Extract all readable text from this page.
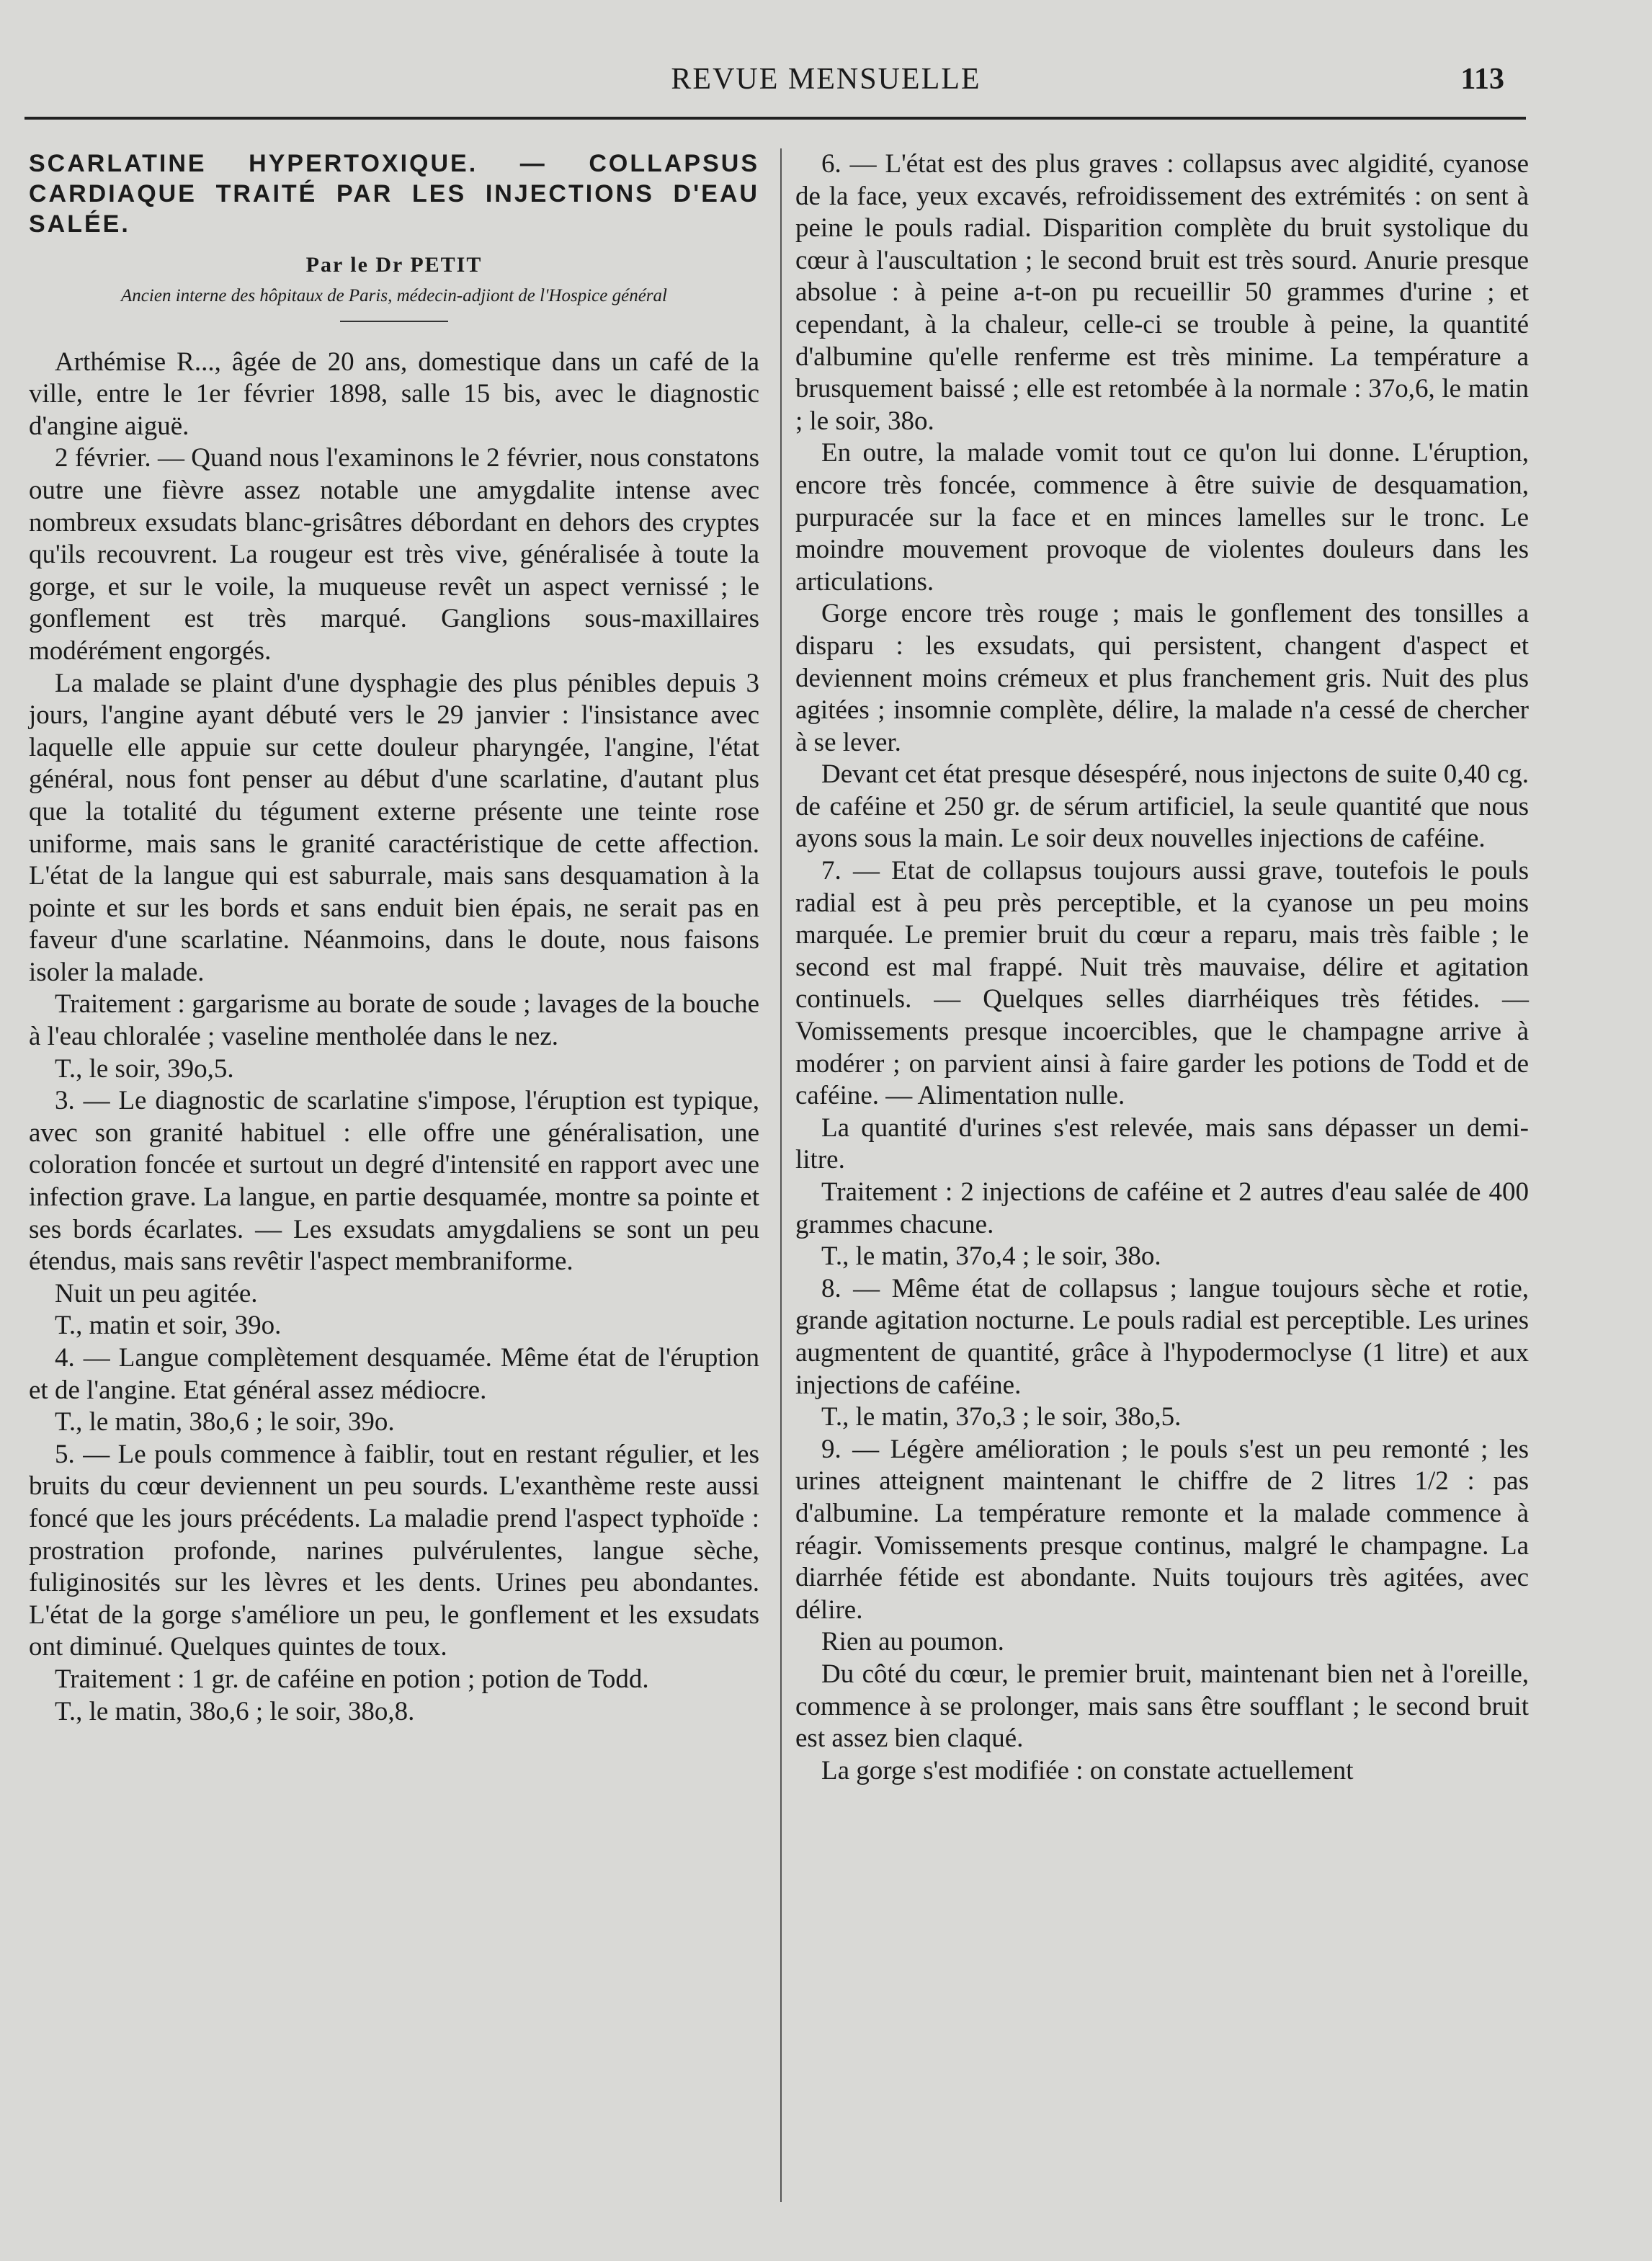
REVUE MENSUELLE	113
SCARLATINE HYPERTOXIQUE. — COLLAPSUS CARDIAQUE TRAITÉ PAR LES INJECTIONS D'EAU SALÉE.
Par le Dr PETIT
Ancien interne des hôpitaux de Paris, médecin-adjiont de l'Hospice général

Arthémise R..., âgée de 20 ans, domestique dans un café de la ville, entre le 1er février 1898, salle 15 bis, avec le diagnostic d'angine aiguë.

2 février. — Quand nous l'examinons le 2 février, nous constatons outre une fièvre assez notable une amygdalite intense avec nombreux exsudats blanc-grisâtres débordant en dehors des cryptes qu'ils recouvrent. La rougeur est très vive, généralisée à toute la gorge, et sur le voile, la muqueuse revêt un aspect vernissé ; le gonflement est très marqué. Ganglions sous-maxillaires modérément engorgés.

La malade se plaint d'une dysphagie des plus pénibles depuis 3 jours, l'angine ayant débuté vers le 29 janvier : l'insistance avec laquelle elle appuie sur cette douleur pharyngée, l'angine, l'état général, nous font penser au début d'une scarlatine, d'autant plus que la totalité du tégument externe présente une teinte rose uniforme, mais sans le granité caractéristique de cette affection. L'état de la langue qui est saburrale, mais sans desquamation à la pointe et sur les bords et sans enduit bien épais, ne serait pas en faveur d'une scarlatine. Néanmoins, dans le doute, nous faisons isoler la malade.

Traitement : gargarisme au borate de soude ; lavages de la bouche à l'eau chloralée ; vaseline mentholée dans le nez.

T., le soir, 39o,5.

3. — Le diagnostic de scarlatine s'impose, l'éruption est typique, avec son granité habituel : elle offre une généralisation, une coloration foncée et surtout un degré d'intensité en rapport avec une infection grave. La langue, en partie desquamée, montre sa pointe et ses bords écarlates. — Les exsudats amygdaliens se sont un peu étendus, mais sans revêtir l'aspect membraniforme.

Nuit un peu agitée.

T., matin et soir, 39o.

4. — Langue complètement desquamée. Même état de l'éruption et de l'angine. Etat général assez médiocre.

T., le matin, 38o,6 ; le soir, 39o.

5. — Le pouls commence à faiblir, tout en restant régulier, et les bruits du cœur deviennent un peu sourds. L'exanthème reste aussi foncé que les jours précédents. La maladie prend l'aspect typhoïde : prostration profonde, narines pulvérulentes, langue sèche, fuliginosités sur les lèvres et les dents. Urines peu abondantes. L'état de la gorge s'améliore un peu, le gonflement et les exsudats ont diminué. Quelques quintes de toux.

Traitement : 1 gr. de caféine en potion ; potion de Todd.

T., le matin, 38o,6 ; le soir, 38o,8.

6. — L'état est des plus graves : collapsus avec algidité, cyanose de la face, yeux excavés, refroidissement des extrémités : on sent à peine le pouls radial. Disparition complète du bruit systolique du cœur à l'auscultation ; le second bruit est très sourd. Anurie presque absolue : à peine a-t-on pu recueillir 50 grammes d'urine ; et cependant, à la chaleur, celle-ci se trouble à peine, la quantité d'albumine qu'elle renferme est très minime. La température a brusquement baissé ; elle est retombée à la normale : 37o,6, le matin ; le soir, 38o.

En outre, la malade vomit tout ce qu'on lui donne. L'éruption, encore très foncée, commence à être suivie de desquamation, purpuracée sur la face et en minces lamelles sur le tronc. Le moindre mouvement provoque de violentes douleurs dans les articulations.

Gorge encore très rouge ; mais le gonflement des tonsilles a disparu : les exsudats, qui persistent, changent d'aspect et deviennent moins crémeux et plus franchement gris. Nuit des plus agitées ; insomnie complète, délire, la malade n'a cessé de chercher à se lever.

Devant cet état presque désespéré, nous injectons de suite 0,40 cg. de caféine et 250 gr. de sérum artificiel, la seule quantité que nous ayons sous la main. Le soir deux nouvelles injections de caféine.

7. — Etat de collapsus toujours aussi grave, toutefois le pouls radial est à peu près perceptible, et la cyanose un peu moins marquée. Le premier bruit du cœur a reparu, mais très faible ; le second est mal frappé. Nuit très mauvaise, délire et agitation continuels. — Quelques selles diarrhéiques très fétides. — Vomissements presque incoercibles, que le champagne arrive à modérer ; on parvient ainsi à faire garder les potions de Todd et de caféine. — Alimentation nulle.

La quantité d'urines s'est relevée, mais sans dépasser un demi-litre.

Traitement : 2 injections de caféine et 2 autres d'eau salée de 400 grammes chacune.

T., le matin, 37o,4 ; le soir, 38o.

8. — Même état de collapsus ; langue toujours sèche et rotie, grande agitation nocturne. Le pouls radial est perceptible. Les urines augmentent de quantité, grâce à l'hypodermoclyse (1 litre) et aux injections de caféine.

T., le matin, 37o,3 ; le soir, 38o,5.

9. — Légère amélioration ; le pouls s'est un peu remonté ; les urines atteignent maintenant le chiffre de 2 litres 1/2 : pas d'albumine. La température remonte et la malade commence à réagir. Vomissements presque continus, malgré le champagne. La diarrhée fétide est abondante. Nuits toujours très agitées, avec délire.

Rien au poumon.

Du côté du cœur, le premier bruit, maintenant bien net à l'oreille, commence à se prolonger, mais sans être soufflant ; le second bruit est assez bien claqué.

La gorge s'est modifiée : on constate actuellement
